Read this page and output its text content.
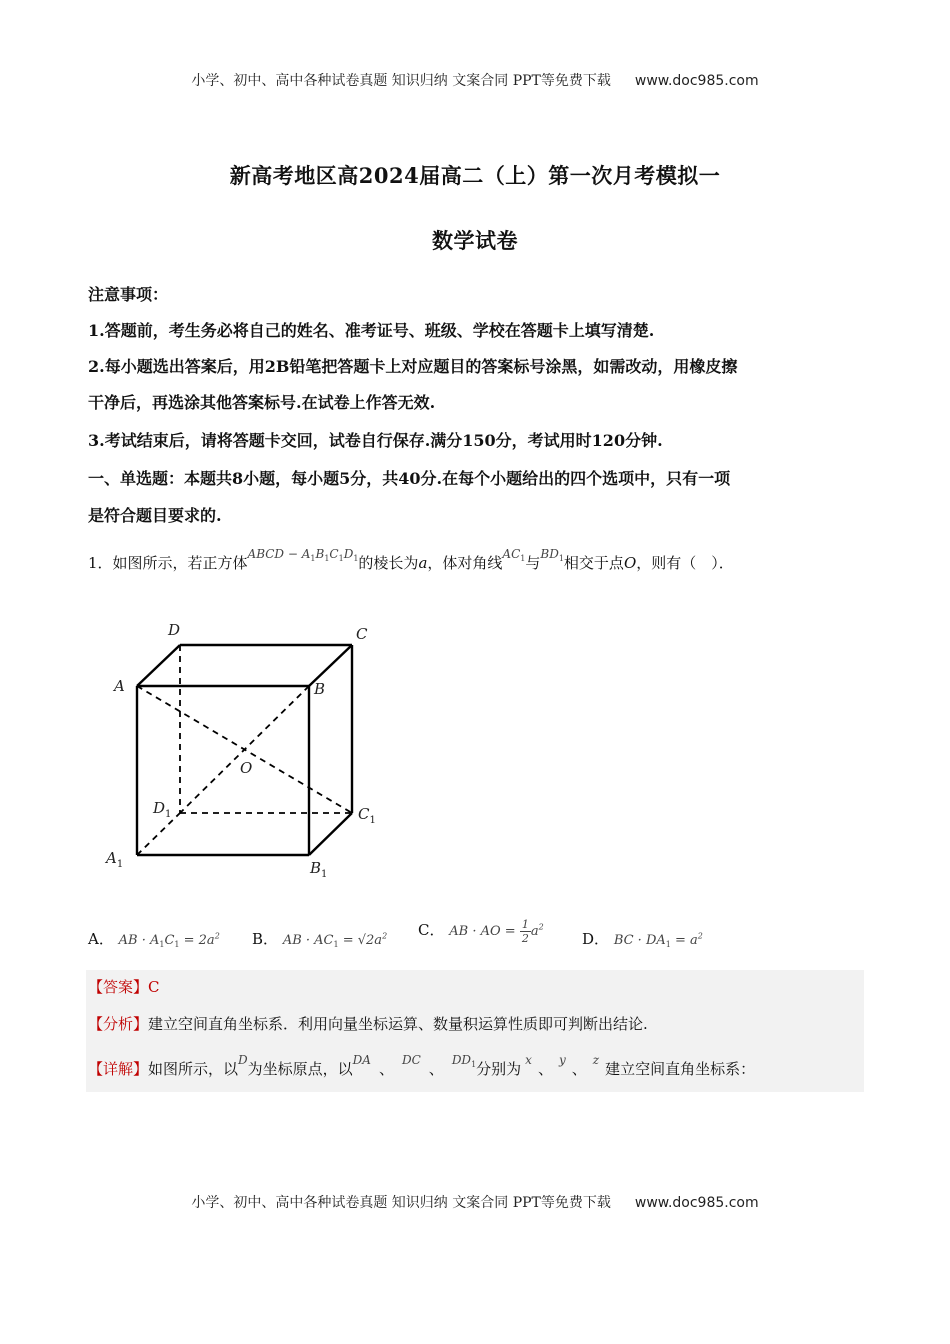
小学、初中、高中各种试卷真题 知识归纳 文案合同 PPT等免费下载 www.doc985.com
新高考地区高2024届高二（上）第一次月考模拟一
数学试卷
注意事项：
1.答题前，考生务必将自己的姓名、准考证号、班级、学校在答题卡上填写清楚.
2.每小题选出答案后，用2B铅笔把答题卡上对应题目的答案标号涂黑，如需改动，用橡皮擦
干净后，再选涂其他答案标号.在试卷上作答无效.
3.考试结束后，请将答题卡交回，试卷自行保存.满分150分，考试用时120分钟.
一、单选题：本题共8小题，每小题5分，共40分.在每个小题给出的四个选项中，只有一项
是符合题目要求的.
1．如图所示，若正方体$^{ABCD - A_1B_1C_1D_1}$的棱长为a，体对角线$^{AC_1}$与$^{BD_1}$相交于点O，则有（　）．
D	C
A	B
O
$D_1$	$C_1$
$A_1$	$B_1$
A． AB · $A_1C_1 = 2a^2$ B． AB · $AC_1 = √2a^2$ C． AB · AO = $\frac{1}{2}a^2$
D． BC · $DA_1 = a^2$
【答案】C
【分析】建立空间直角坐标系．利用向量坐标运算、数量积运算性质即可判断出结论.
【详解】如图所示，以$^D$为坐标原点，以$^{DA}$ 、 $^{DC}$ 、 $^{DD_1}$分别为 $^x$ 、 $^y$ 、 $^z$ 建立空间直角坐标系：
小学、初中、高中各种试卷真题 知识归纳 文案合同 PPT等免费下载 www.doc985.com
